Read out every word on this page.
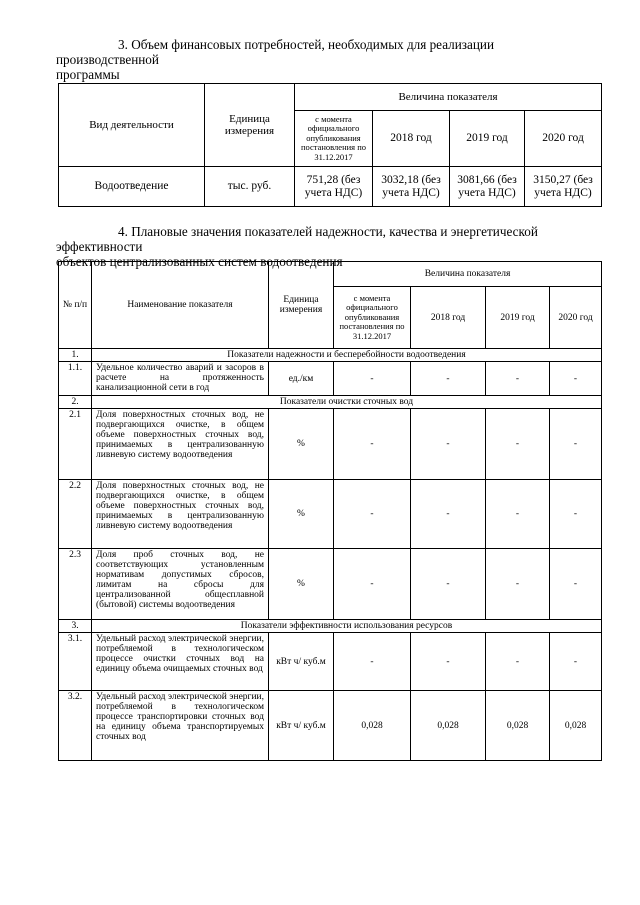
3. Объем финансовых потребностей, необходимых для реализации производственной
программы
Вид деятельности	Единица измерения	Величина показателя			
		с момента официального опубликования постановления по 31.12.2017	2018 год	2019 год	2020 год
Водоотведение	тыс. руб.	751,28 (без учета НДС)	3032,18 (без учета НДС)	3081,66 (без учета НДС)	3150,27 (без учета НДС)
4. Плановые значения показателей надежности, качества и энергетической эффективности
объектов централизованных систем водоотведения
№ п/п	Наименование показателя	Единица измерения	Величина показателя			
			с момента официального опубликования постановления по 31.12.2017	2018 год	2019 год	2020 год
1.	Показатели надежности и бесперебойности водоотведения					
1.1.	Удельное количество аварий и засоров в расчете на протяженность канализационной сети в год	ед./км	-	-	-	-
2.	Показатели очистки сточных вод					
2.1	Доля поверхностных сточных вод, не подвергающихся очистке, в общем объеме поверхностных сточных вод, принимаемых в централизованную ливневую систему водоотведения	%	-	-	-	-
2.2	Доля поверхностных сточных вод, не подвергающихся очистке, в общем объеме поверхностных сточных вод, принимаемых в централизованную ливневую систему водоотведения	%	-	-	-	-
2.3	Доля проб сточных вод, не соответствующих установленным нормативам допустимых сбросов, лимитам на сбросы для централизованной общесплавной (бытовой) системы водоотведения	%	-	-	-	-
3.	Показатели эффективности использования ресурсов					
3.1.	Удельный расход электрической энергии, потребляемой в технологическом процессе очистки сточных вод на единицу объема очищаемых сточных вод	кВт ч/ куб.м	-	-	-	-
3.2.	Удельный расход электрической энергии, потребляемой в технологическом процессе транспортировки сточных вод на единицу объема транспортируемых сточных вод	кВт ч/ куб.м	0,028	0,028	0,028	0,028
